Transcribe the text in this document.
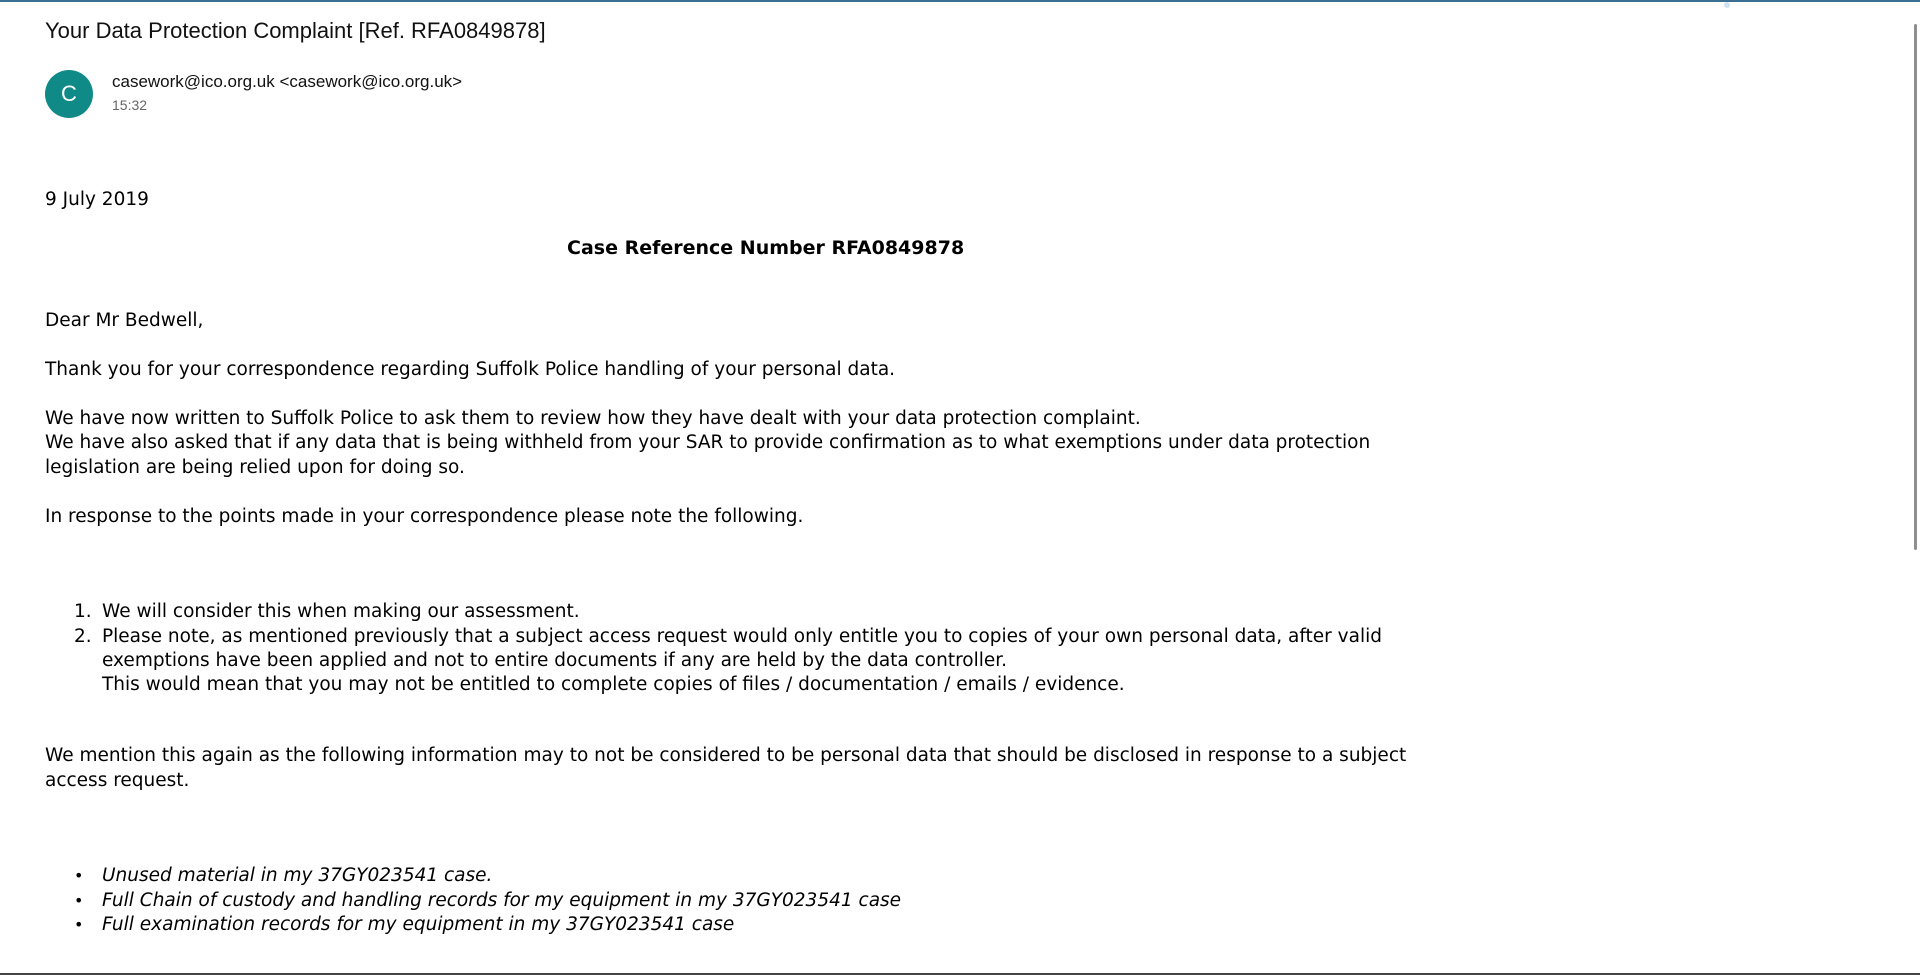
Your Data Protection Complaint [Ref. RFA0849878]
C	casework@ico.org.uk <casework@ico.org.uk>
15:32
9 July 2019
Case Reference Number RFA0849878
Dear Mr Bedwell,
Thank you for your correspondence regarding Suffolk Police handling of your personal data.
We have now written to Suffolk Police to ask them to review how they have dealt with your data protection complaint.
We have also asked that if any data that is being withheld from your SAR to provide confirmation as to what exemptions under data protection
legislation are being relied upon for doing so.
In response to the points made in your correspondence please note the following.
1. We will consider this when making our assessment.
2. Please note, as mentioned previously that a subject access request would only entitle you to copies of your own personal data, after valid
exemptions have been applied and not to entire documents if any are held by the data controller.
This would mean that you may not be entitled to complete copies of files / documentation / emails / evidence.
We mention this again as the following information may to not be considered to be personal data that should be disclosed in response to a subject
access request.
• Unused material in my 37GY023541 case.
• Full Chain of custody and handling records for my equipment in my 37GY023541 case
• Full examination records for my equipment in my 37GY023541 case
